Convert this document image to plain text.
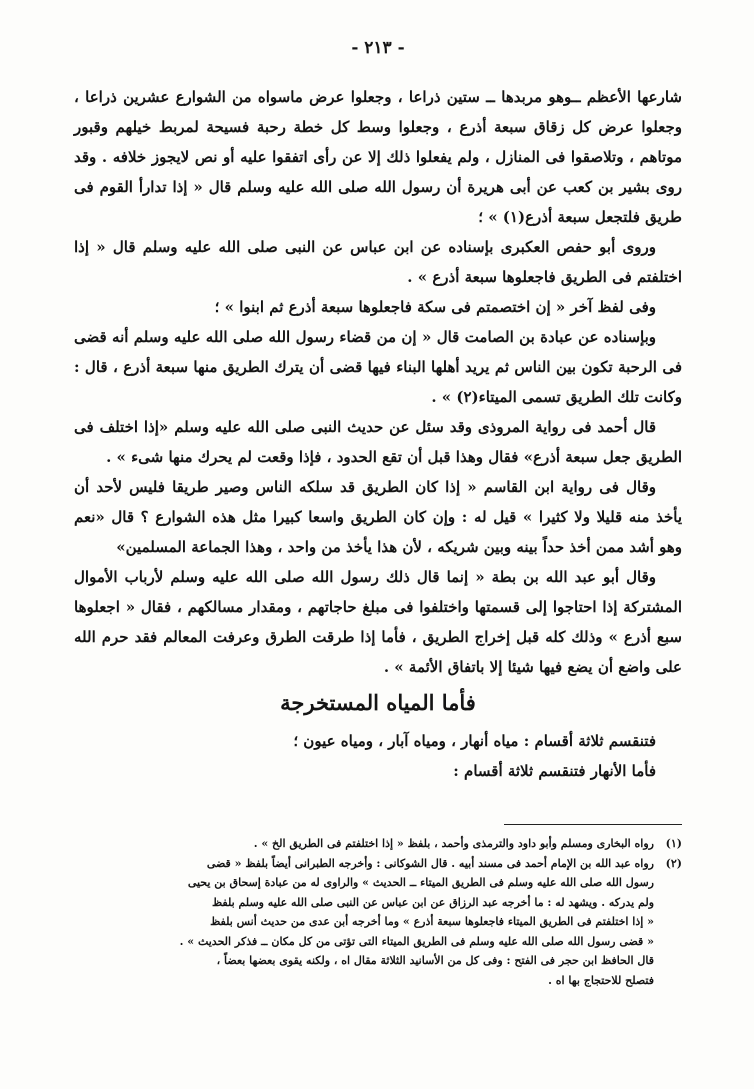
- ٢١٣ -

شارعها الأعظم ــوهو مربدها ــ ستين ذراعا ، وجعلوا عرض ماسواه من الشوارع عشرين ذراعا ، وجعلوا عرض كل زقاق سبعة أذرع ، وجعلوا وسط كل خطة رحبة فسيحة لمربط خيلهم وقبور موتاهم ، وتلاصقوا فى المنازل ، ولم يفعلوا ذلك إلا عن رأى اتفقوا عليه أو نص لايجوز خلافه . وقد روى بشير بن كعب عن أبى هريرة أن رسول الله صلى الله عليه وسلم قال « إذا تدارأ القوم فى طريق فلتجعل سبعة أذرع(١) » ؛

وروى أبو حفص العكبرى بإسناده عن ابن عباس عن النبى صلى الله عليه وسلم قال « إذا اختلفتم فى الطريق فاجعلوها سبعة أذرع » .

وفى لفظ آخر « إن اختصمتم فى سكة فاجعلوها سبعة أذرع ثم ابنوا » ؛

وبإسناده عن عبادة بن الصامت قال « إن من قضاء رسول الله صلى الله عليه وسلم أنه قضى فى الرحبة تكون بين الناس ثم يريد أهلها البناء فيها قضى أن يترك الطريق منها سبعة أذرع ، قال : وكانت تلك الطريق تسمى الميتاء(٢) » .

قال أحمد فى رواية المروذى وقد سئل عن حديث النبى صلى الله عليه وسلم «إذا اختلف فى الطريق جعل سبعة أذرع» فقال وهذا قبل أن تقع الحدود ، فإذا وقعت لم يحرك منها شىء » .

وقال فى رواية ابن القاسم « إذا كان الطريق قد سلكه الناس وصير طريقا فليس لأحد أن يأخذ منه قليلا ولا كثيرا » قيل له : وإن كان الطريق واسعا كبيرا مثل هذه الشوارع ؟ قال «نعم وهو أشد ممن أخذ حداً بينه وبين شريكه ، لأن هذا يأخذ من واحد ، وهذا الجماعة المسلمين»

وقال أبو عبد الله بن بطة « إنما قال ذلك رسول الله صلى الله عليه وسلم لأرباب الأموال المشتركة إذا احتاجوا إلى قسمتها واختلفوا فى مبلغ حاجاتهم ، ومقدار مسالكهم ، فقال « اجعلوها سبع أذرع » وذلك كله قبل إخراج الطريق ، فأما إذا طرقت الطرق وعرفت المعالم فقد حرم الله على واضع أن يضع فيها شيئا إلا باتفاق الأئمة » .

فأما المياه المستخرجة

فتنقسم ثلاثة أقسام : مياه أنهار ، ومياه آبار ، ومياه عيون ؛

فأما الأنهار فتنقسم ثلاثة أقسام :

(١)
رواه البخارى ومسلم وأبو داود والترمذى وأحمد ، بلفظ « إذا اختلفتم فى الطريق الخ » .
(٢)
رواه عبد الله بن الإمام أحمد فى مسند أبيه . قال الشوكانى : وأخرجه الطبرانى أيضاً بلفظ « قضى
رسول الله صلى الله عليه وسلم فى الطريق الميتاء ــ الحديث » والراوى له من عبادة إسحاق بن يحيى
ولم يدركه . ويشهد له : ما أخرجه عبد الرزاق عن ابن عباس عن النبى صلى الله عليه وسلم بلفظ
« إذا اختلفتم فى الطريق الميتاء فاجعلوها سبعة أذرع » وما أخرجه أبن عدى من حديث أنس بلفظ
« قضى رسول الله صلى الله عليه وسلم فى الطريق الميتاء التى تؤتى من كل مكان ــ فذكر الحديث » .
قال الحافظ ابن حجر فى الفتح : وفى كل من الأسانيد الثلاثة مقال اه ، ولكنه يقوى بعضها بعضاً ،
فتصلح للاحتجاج بها اه .
